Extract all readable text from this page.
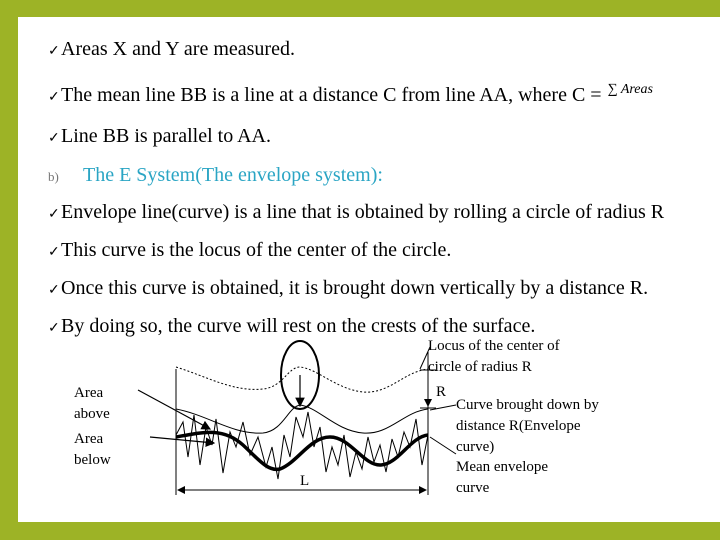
✓Areas X and Y are measured.
✓The mean line BB is a line at a distance C from line AA, where C = $^{\sum Areas}$
✓Line BB is parallel to AA.
b) The E System(The envelope system):
✓Envelope line(curve) is a line that is obtained by rolling a circle of radius R
✓This curve is the locus of the center of the circle.
✓Once this curve is obtained, it is brought down vertically by a distance R.
✓By doing so, the curve will rest on the crests of the surface.
Area above
Area below
L
R
Locus of the center of circle of radius R
Curve brought down by distance R(Envelope curve)
Mean envelope curve
